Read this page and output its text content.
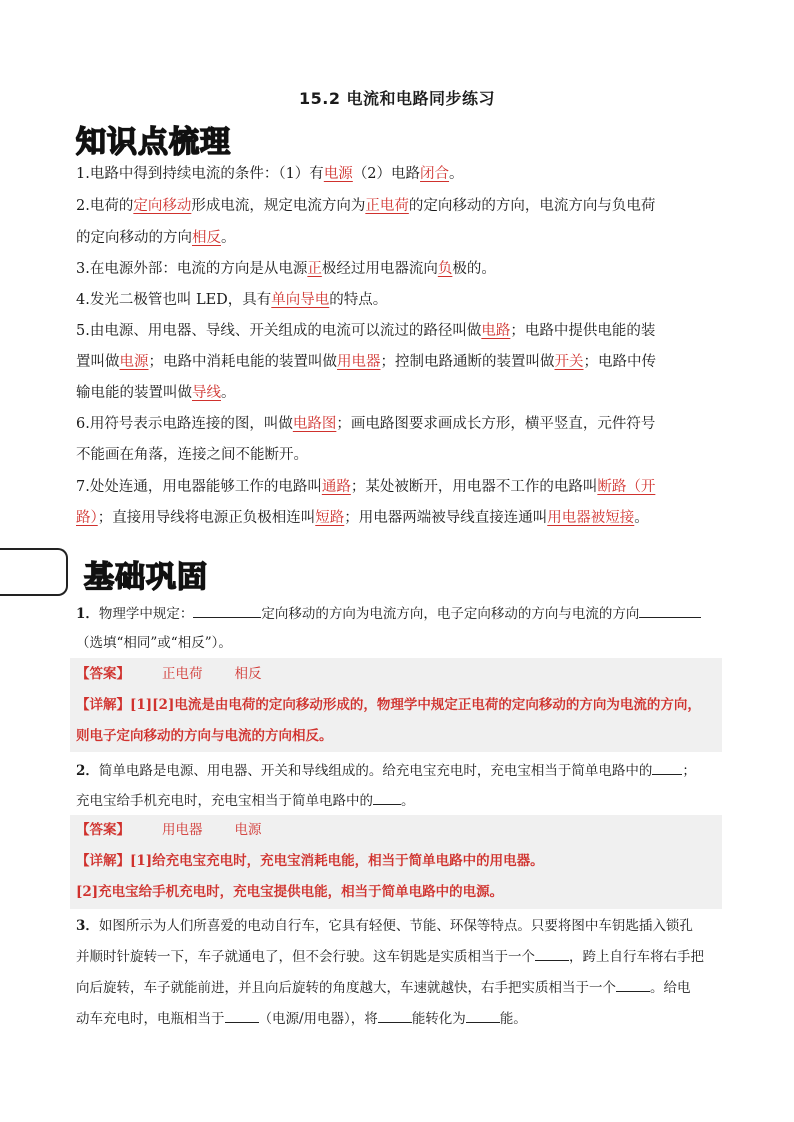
15.2 电流和电路同步练习
知识点梳理
1.电路中得到持续电流的条件：（1）有电源（2）电路闭合。
2.电荷的定向移动形成电流，规定电流方向为正电荷的定向移动的方向，电流方向与负电荷
的定向移动的方向相反。
3.在电源外部：电流的方向是从电源正极经过用电器流向负极的。
4.发光二极管也叫 LED，具有单向导电的特点。
5.由电源、用电器、导线、开关组成的电流可以流过的路径叫做电路；电路中提供电能的装
置叫做电源；电路中消耗电能的装置叫做用电器；控制电路通断的装置叫做开关；电路中传
输电能的装置叫做导线。
6.用符号表示电路连接的图，叫做电路图；画电路图要求画成长方形，横平竖直，元件符号
不能画在角落，连接之间不能断开。
7.处处连通，用电器能够工作的电路叫通路；某处被断开，用电器不工作的电路叫断路（开
路）；直接用导线将电源正负极相连叫短路；用电器两端被导线直接连通叫用电器被短接。
基础巩固
1．物理学中规定：	定向移动的方向为电流方向，电子定向移动的方向与电流的方向
（选填“相同”或“相反”）。
【答案】 正电荷 相反
【详解】[1][2]电流是由电荷的定向移动形成的，物理学中规定正电荷的定向移动的方向为电流的方向，
则电子定向移动的方向与电流的方向相反。
2．简单电路是电源、用电器、开关和导线组成的。给充电宝充电时，充电宝相当于简单电路中的 ；
充电宝给手机充电时，充电宝相当于简单电路中的 。
【答案】 用电器 电源
【详解】[1]给充电宝充电时，充电宝消耗电能，相当于简单电路中的用电器。
[2]充电宝给手机充电时，充电宝提供电能，相当于简单电路中的电源。
3．如图所示为人们所喜爱的电动自行车，它具有轻便、节能、环保等特点。只要将图中车钥匙插入锁孔
并顺时针旋转一下，车子就通电了，但不会行驶。这车钥匙是实质相当于一个	，跨上自行车将右手把
向后旋转，车子就能前进，并且向后旋转的角度越大，车速就越快，右手把实质相当于一个	。给电
动车充电时，电瓶相当于	（电源/用电器），将	能转化为	能。
